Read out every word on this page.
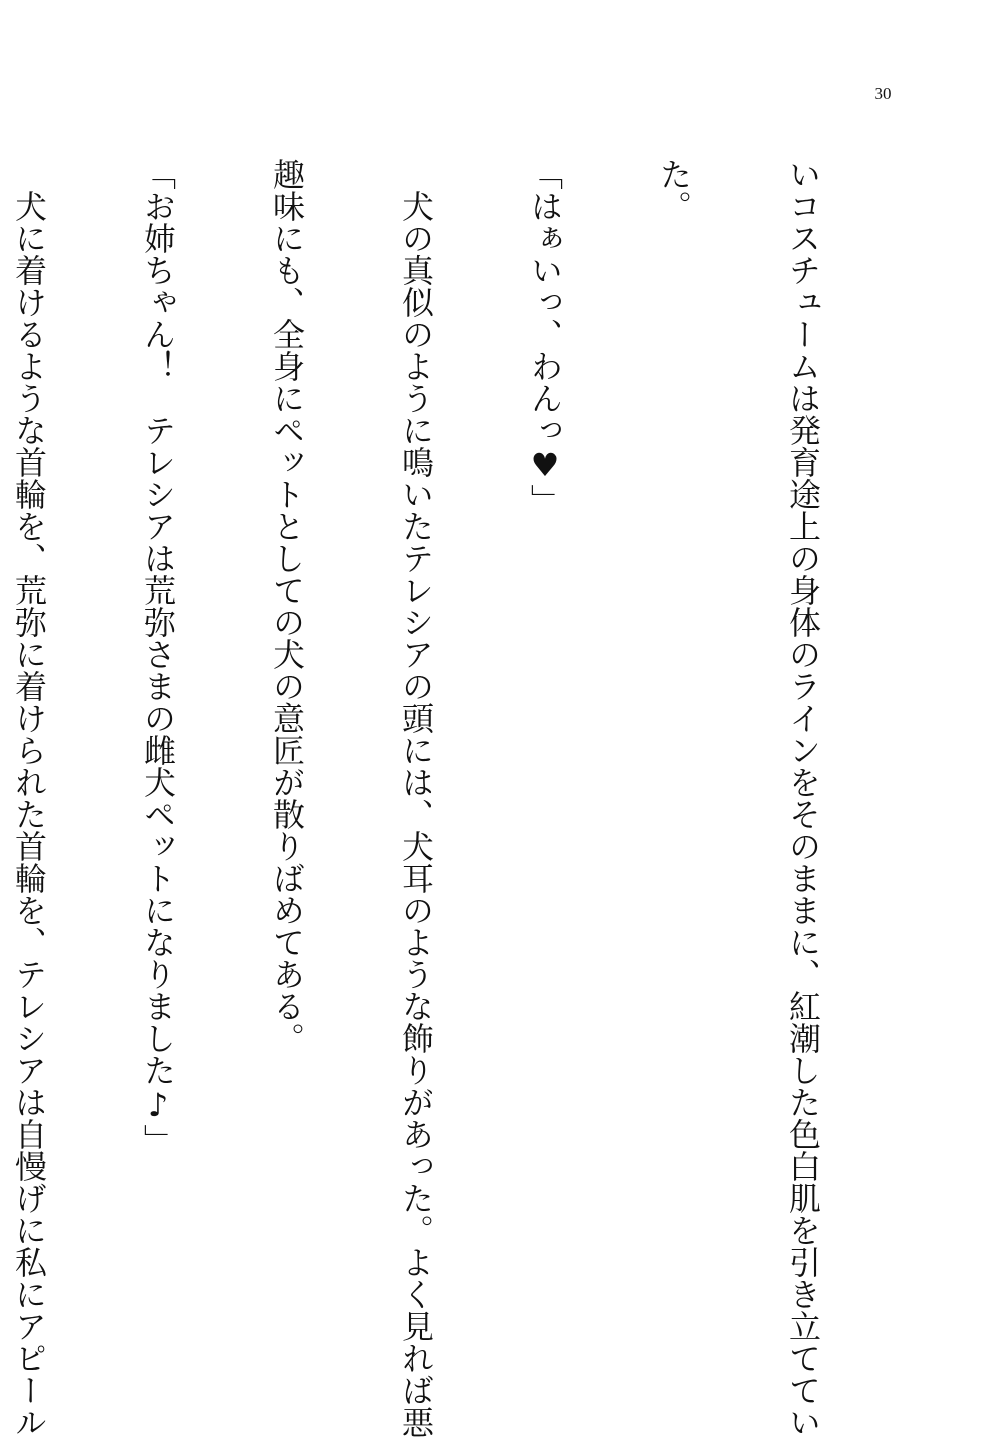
30

いコスチュームは発育途上の身体のラインをそのままに、紅潮した色白肌を引き立ててい

た。

「はぁいっ、わんっ♥」

　犬の真似のように鳴いたテレシアの頭には、犬耳のような飾りがあった。よく見れば悪

趣味にも、全身にペットとしての犬の意匠が散りばめてある。

「お姉ちゃん！　テレシアは荒弥さまの雌犬ペットになりました♪」

　犬に着けるような首輪を、荒弥に着けられた首輪を、テレシアは自慢げに私にアピール
